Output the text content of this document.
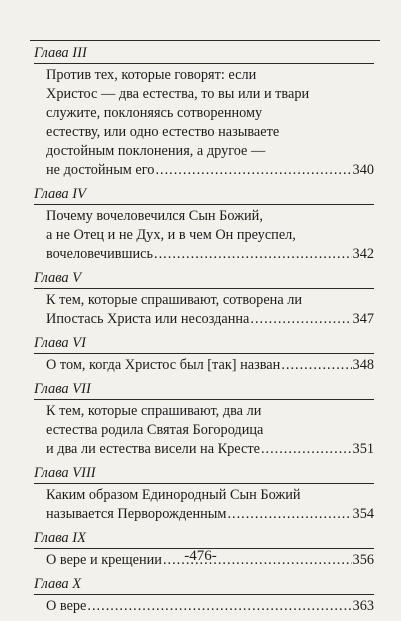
Глава III
Против тех, которые говорят: если
Христос — два естества, то вы или и твари
служите, поклоняясь сотворенному
естеству, или одно естество называете
достойным поклонения, а другое —
не достойным его .....	340
Глава IV
Почему вочеловечился Сын Божий,
а не Отец и не Дух, и в чем Он преуспел,
вочеловечившись .....	342
Глава V
К тем, которые спрашивают, сотворена ли
Ипостась Христа или несозданна .....	347
Глава VI
О том, когда Христос был [так] назван .....	348
Глава VII
К тем, которые спрашивают, два ли
естества родила Святая Богородица
и два ли естества висели на Кресте .....	351
Глава VIII
Каким образом Единородный Сын Божий
называется Перворожденным .....	354
Глава IX
О вере и крещении .....	356
Глава X
О вере .....	363
-476-
